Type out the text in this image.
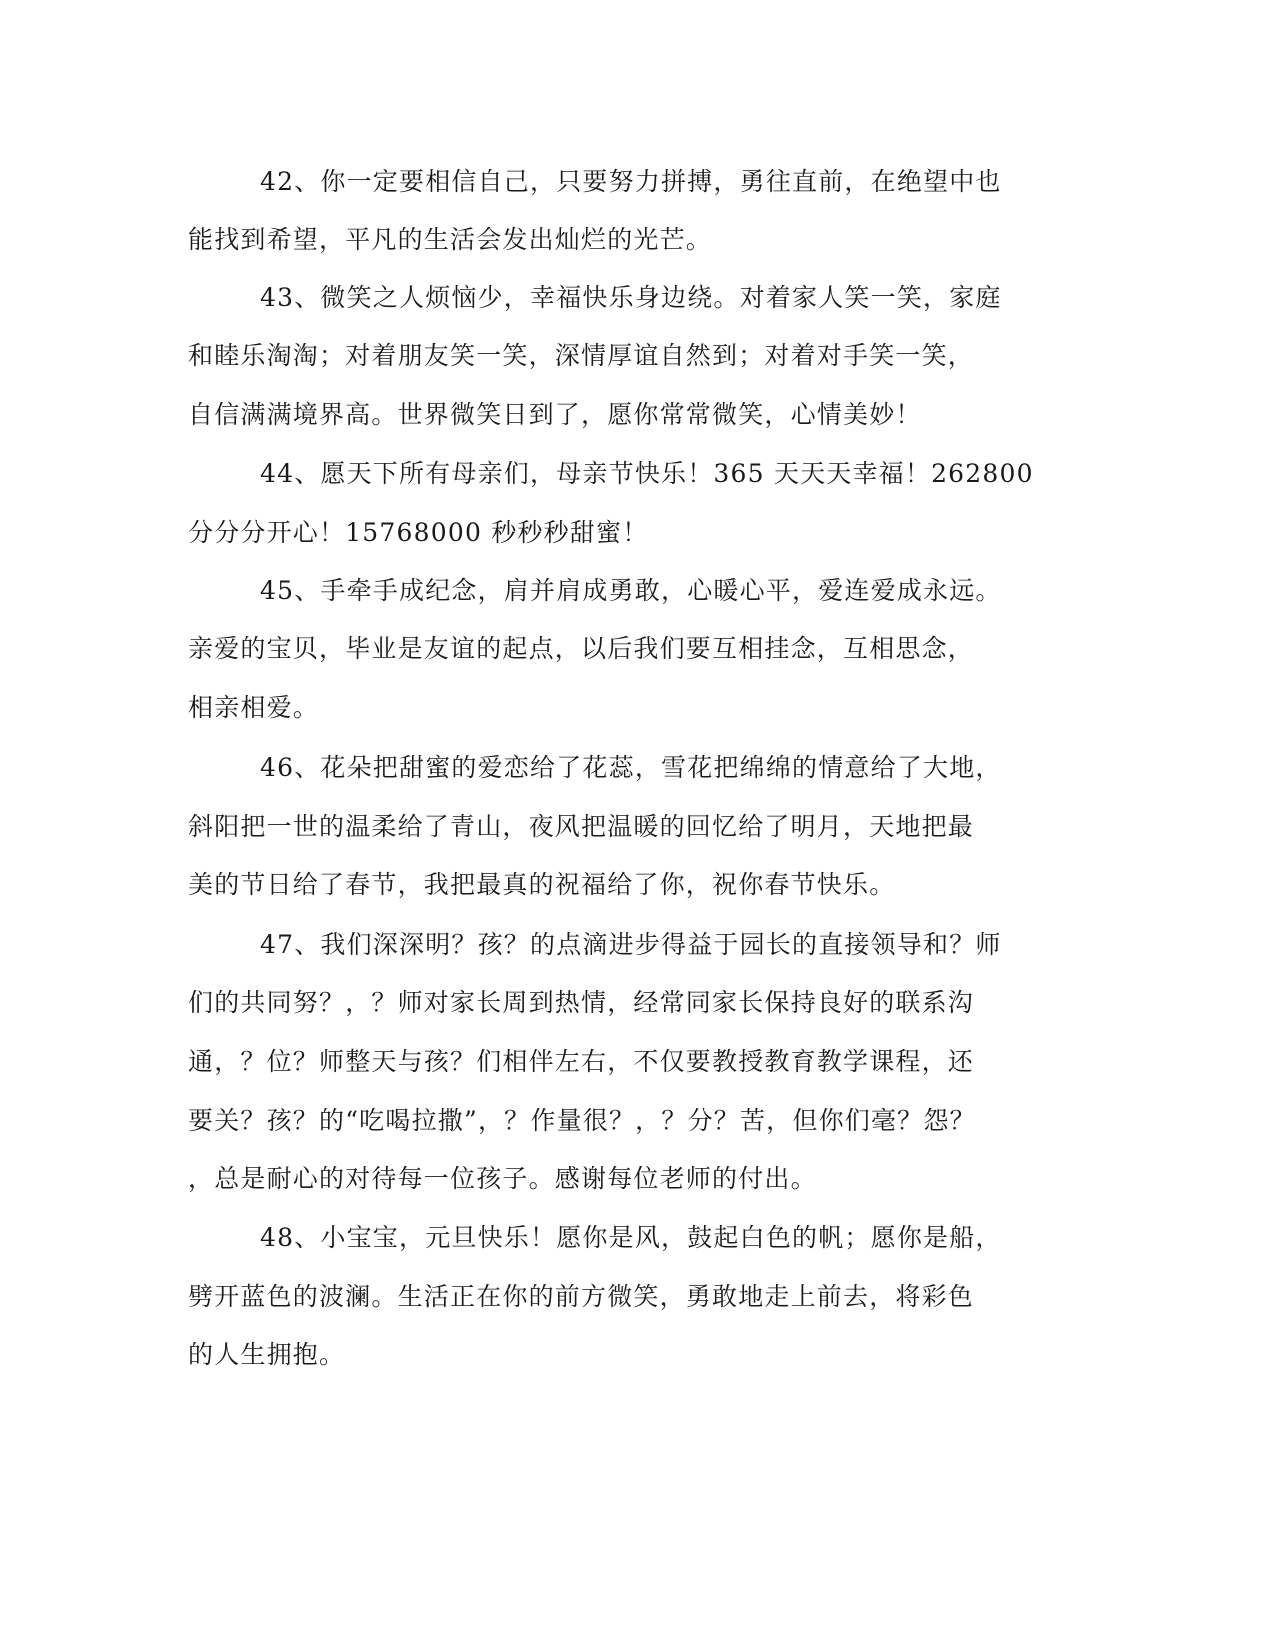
42、你一定要相信自己，只要努力拼搏，勇往直前，在绝望中也
能找到希望，平凡的生活会发出灿烂的光芒。
43、微笑之人烦恼少，幸福快乐身边绕。对着家人笑一笑，家庭
和睦乐淘淘；对着朋友笑一笑，深情厚谊自然到；对着对手笑一笑，
自信满满境界高。世界微笑日到了，愿你常常微笑，心情美妙！
44、愿天下所有母亲们，母亲节快乐！365 天天天幸福！262800
分分分开心！15768000 秒秒秒甜蜜！
45、手牵手成纪念，肩并肩成勇敢，心暖心平，爱连爱成永远。
亲爱的宝贝，毕业是友谊的起点，以后我们要互相挂念，互相思念，
相亲相爱。
46、花朵把甜蜜的爱恋给了花蕊，雪花把绵绵的情意给了大地，
斜阳把一世的温柔给了青山，夜风把温暖的回忆给了明月，天地把最
美的节日给了春节，我把最真的祝福给了你，祝你春节快乐。
47、我们深深明？孩？的点滴进步得益于园长的直接领导和？师
们的共同努？，？师对家长周到热情，经常同家长保持良好的联系沟
通，？位？师整天与孩？们相伴左右，不仅要教授教育教学课程，还
要关？孩？的“吃喝拉撒”，？作量很？，？分？苦，但你们毫？怨？
，总是耐心的对待每一位孩子。感谢每位老师的付出。
48、小宝宝，元旦快乐！愿你是风，鼓起白色的帆；愿你是船，
劈开蓝色的波澜。生活正在你的前方微笑，勇敢地走上前去，将彩色
的人生拥抱。
